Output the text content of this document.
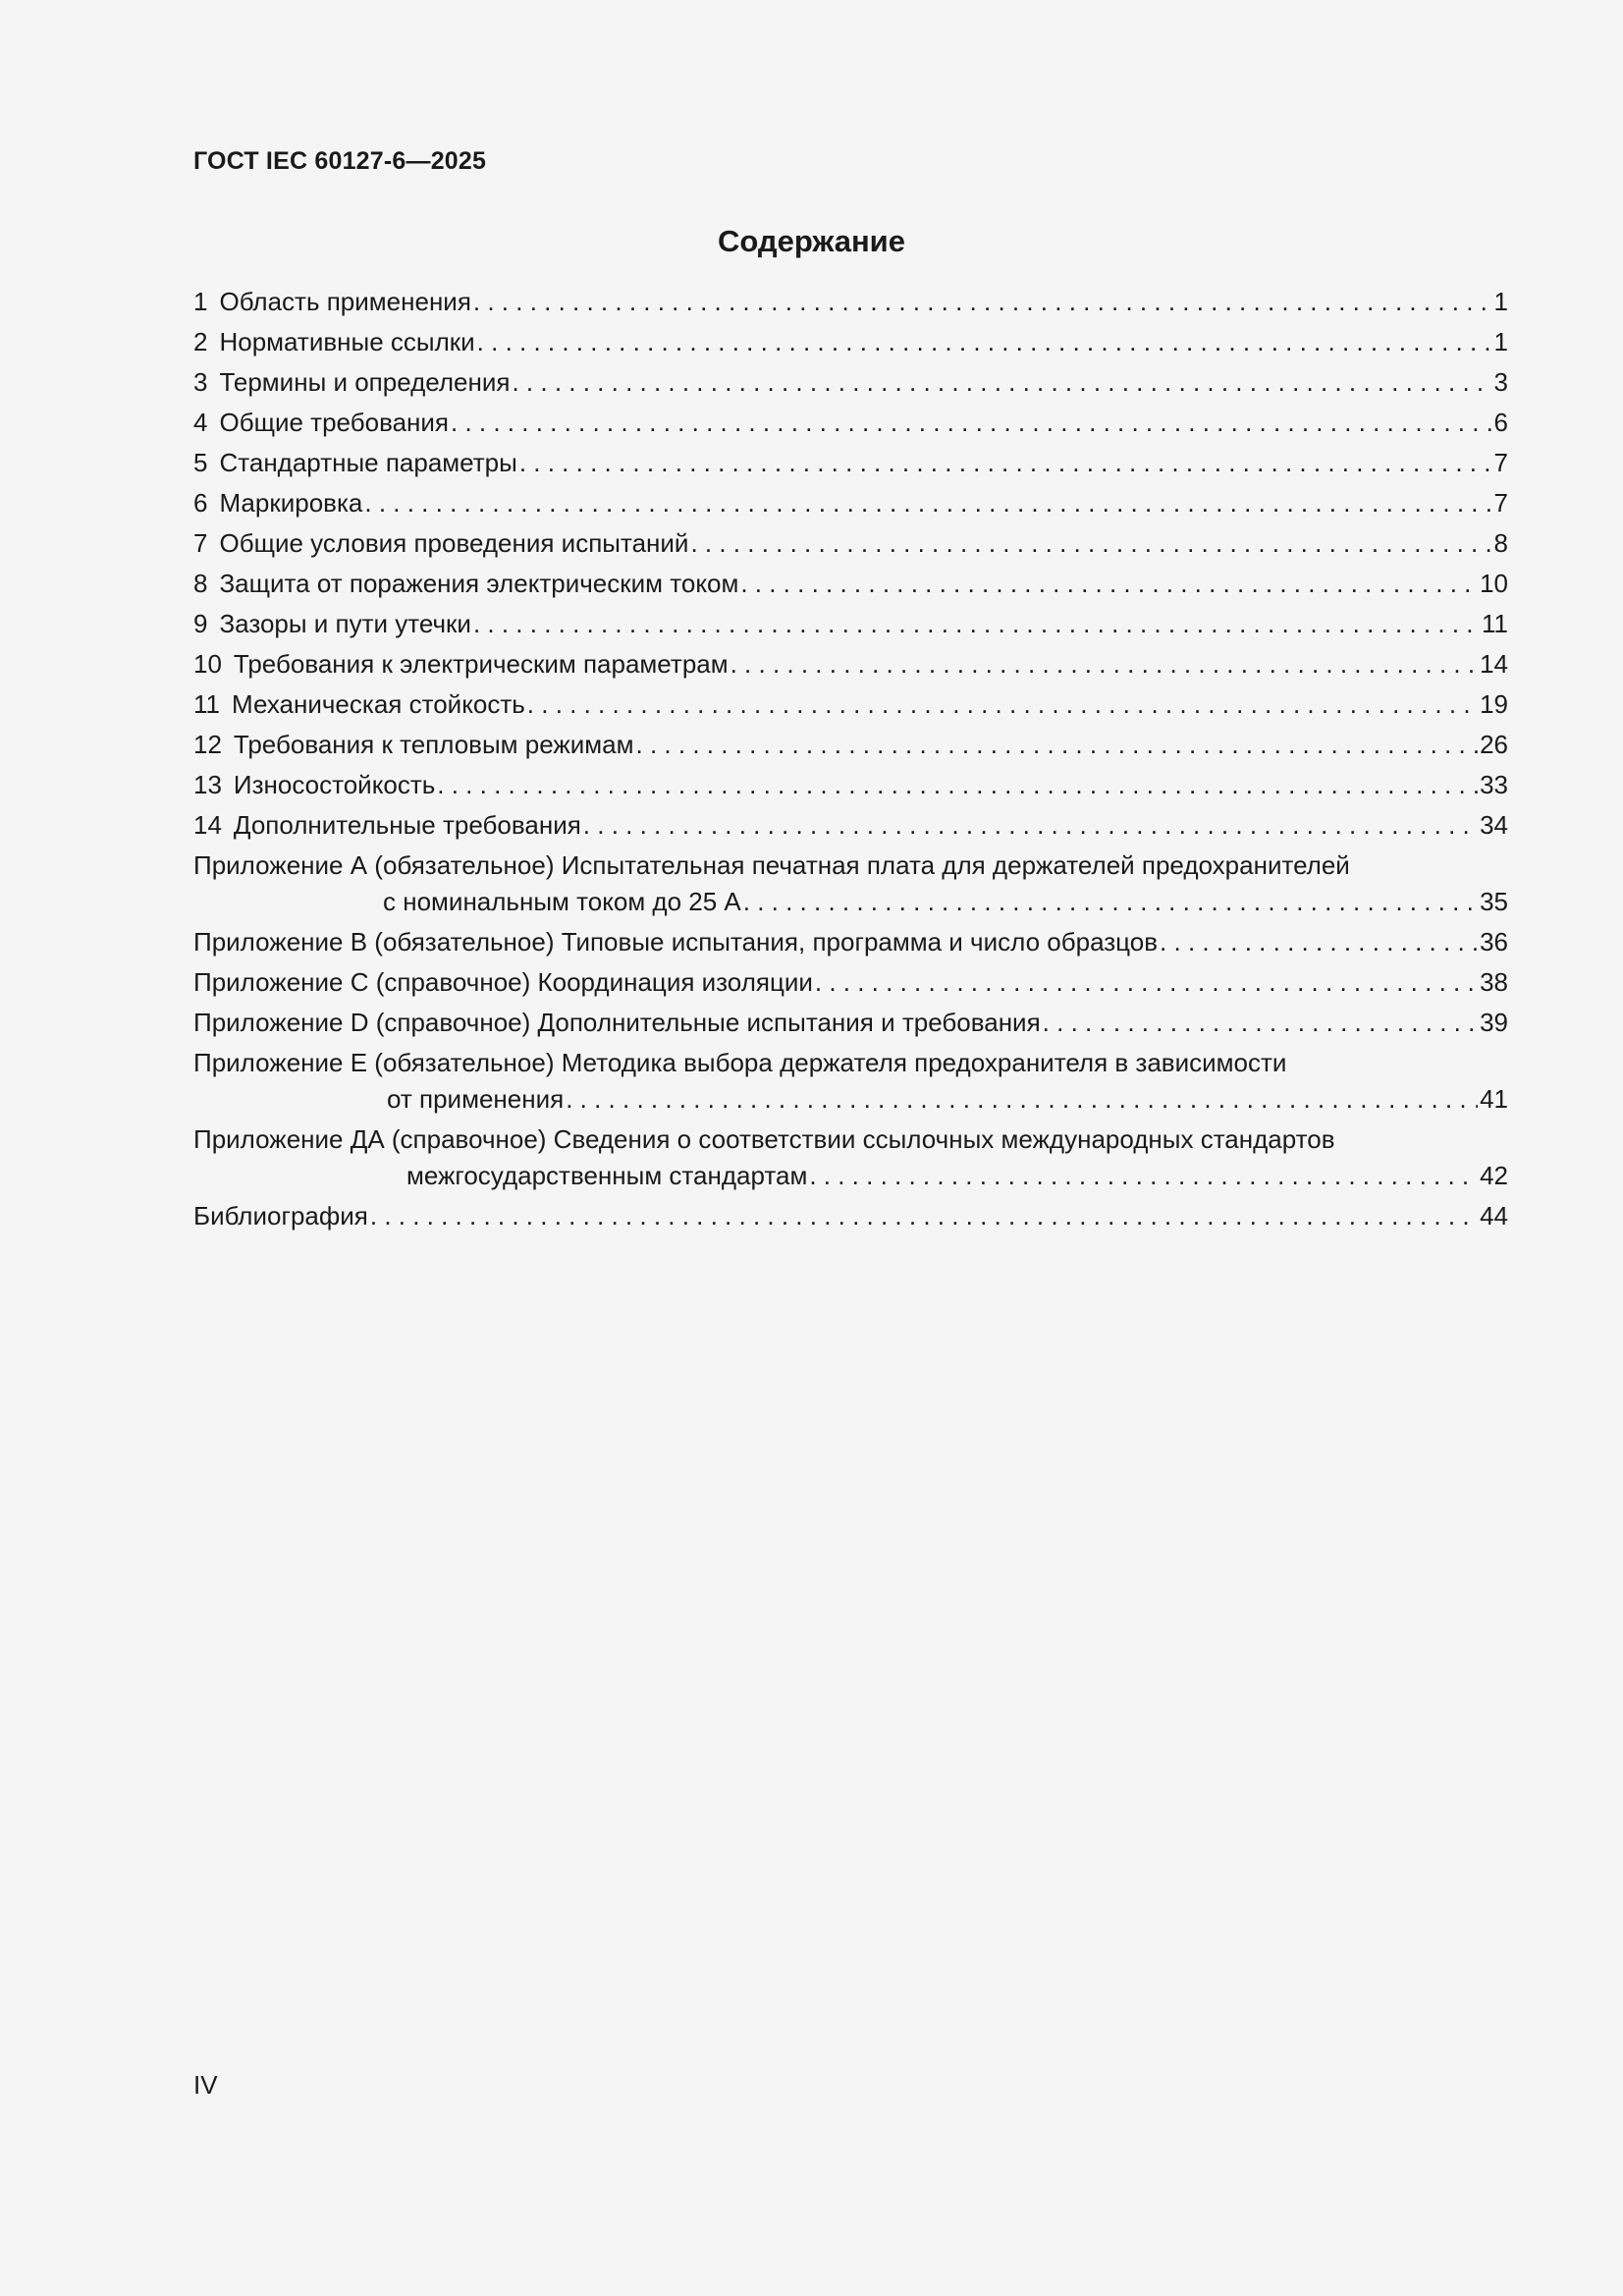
ГОСТ IEC 60127-6—2025
Содержание
1 Область применения . . .	1
2 Нормативные ссылки . . .	1
3 Термины и определения . . .	3
4 Общие требования . . .	6
5 Стандартные параметры . . .	7
6 Маркировка . . .	7
7 Общие условия проведения испытаний . . .	8
8 Защита от поражения электрическим током . . .	10
9 Зазоры и пути утечки . . .	11
10 Требования к электрическим параметрам . . .	14
11 Механическая стойкость . . .	19
12 Требования к тепловым режимам . . .	26
13 Износостойкость . . .	33
14 Дополнительные требования . . .	34
Приложение А (обязательное) Испытательная печатная плата для держателей предохранителей
с номинальным током до 25 А . . .	35
Приложение В (обязательное) Типовые испытания, программа и число образцов . . .	36
Приложение С (справочное) Координация изоляции . . .	38
Приложение D (справочное) Дополнительные испытания и требования . . .	39
Приложение Е (обязательное) Методика выбора держателя предохранителя в зависимости
от применения . . .	41
Приложение ДА (справочное) Сведения о соответствии ссылочных международных стандартов
межгосударственным стандартам . . .	42
Библиография . . .	44
IV
